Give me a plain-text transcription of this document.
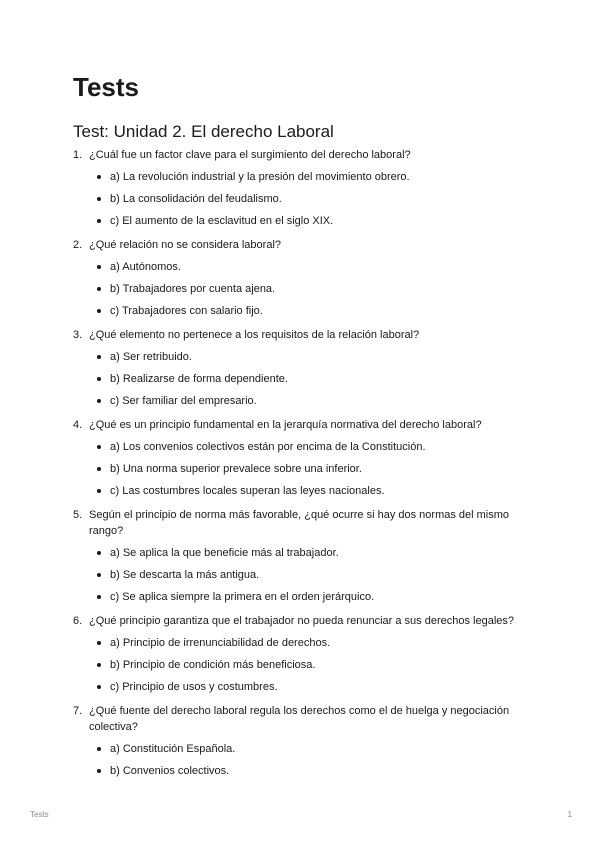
Tests
Test: Unidad 2. El derecho Laboral
1. ¿Cuál fue un factor clave para el surgimiento del derecho laboral?
a) La revolución industrial y la presión del movimiento obrero.
b) La consolidación del feudalismo.
c) El aumento de la esclavitud en el siglo XIX.
2. ¿Qué relación no se considera laboral?
a) Autónomos.
b) Trabajadores por cuenta ajena.
c) Trabajadores con salario fijo.
3. ¿Qué elemento no pertenece a los requisitos de la relación laboral?
a) Ser retribuido.
b) Realizarse de forma dependiente.
c) Ser familiar del empresario.
4. ¿Qué es un principio fundamental en la jerarquía normativa del derecho laboral?
a) Los convenios colectivos están por encima de la Constitución.
b) Una norma superior prevalece sobre una inferior.
c) Las costumbres locales superan las leyes nacionales.
5. Según el principio de norma más favorable, ¿qué ocurre si hay dos normas del mismo rango?
a) Se aplica la que beneficie más al trabajador.
b) Se descarta la más antigua.
c) Se aplica siempre la primera en el orden jerárquico.
6. ¿Qué principio garantiza que el trabajador no pueda renunciar a sus derechos legales?
a) Principio de irrenunciabilidad de derechos.
b) Principio de condición más beneficiosa.
c) Principio de usos y costumbres.
7. ¿Qué fuente del derecho laboral regula los derechos como el de huelga y negociación colectiva?
a) Constitución Española.
b) Convenios colectivos.
Tests	1
